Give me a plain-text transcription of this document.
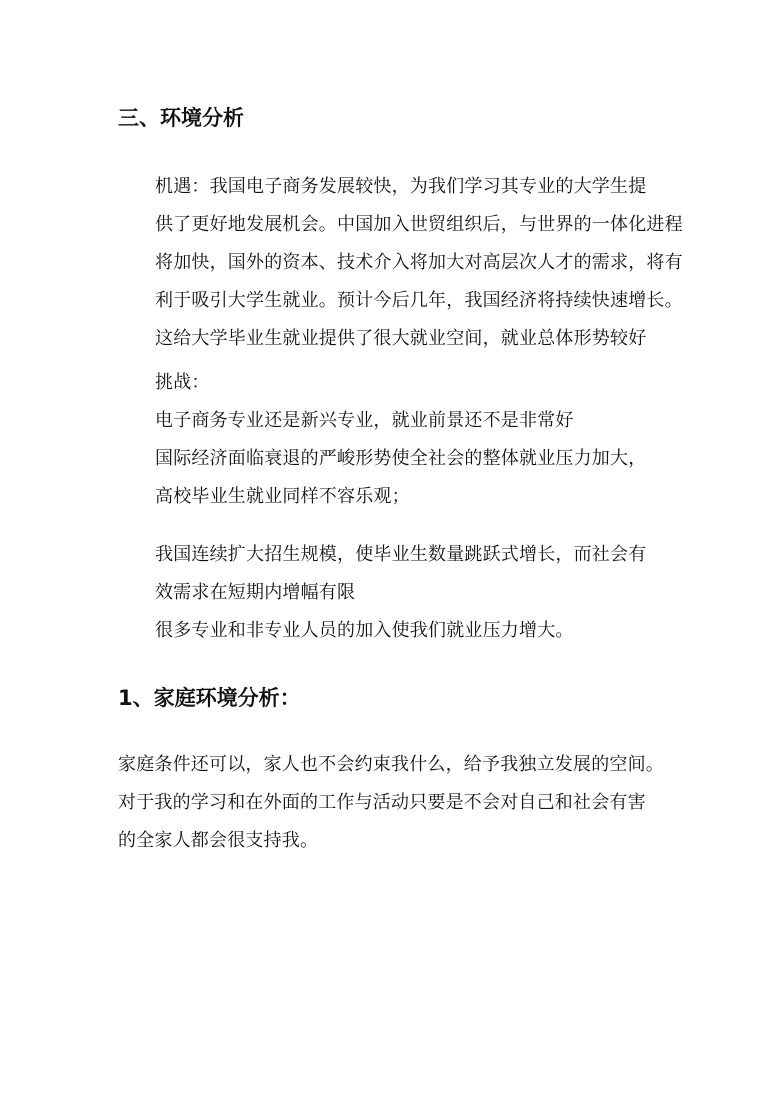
三、环境分析

机遇：我国电子商务发展较快，为我们学习其专业的大学生提
供了更好地发展机会。中国加入世贸组织后，与世界的一体化进程
将加快，国外的资本、技术介入将加大对高层次人才的需求，将有
利于吸引大学生就业。预计今后几年，我国经济将持续快速增长。
这给大学毕业生就业提供了很大就业空间，就业总体形势较好

挑战：

电子商务专业还是新兴专业，就业前景还不是非常好

国际经济面临衰退的严峻形势使全社会的整体就业压力加大，
高校毕业生就业同样不容乐观；

我国连续扩大招生规模，使毕业生数量跳跃式增长，而社会有
效需求在短期内增幅有限

很多专业和非专业人员的加入使我们就业压力增大。

1、家庭环境分析：

家庭条件还可以，家人也不会约束我什么，给予我独立发展的空间。
对于我的学习和在外面的工作与活动只要是不会对自己和社会有害
的全家人都会很支持我。
